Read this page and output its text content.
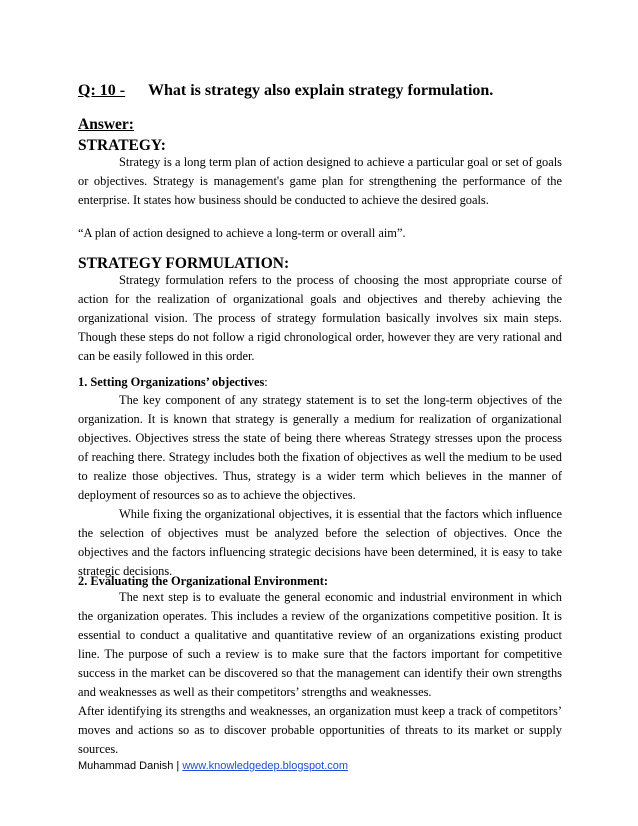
Q: 10 - What is strategy also explain strategy formulation.
Answer:
STRATEGY:

Strategy is a long term plan of action designed to achieve a particular goal or set of goals or objectives. Strategy is management's game plan for strengthening the performance of the enterprise. It states how business should be conducted to achieve the desired goals.

“A plan of action designed to achieve a long-term or overall aim”.

STRATEGY FORMULATION:

Strategy formulation refers to the process of choosing the most appropriate course of action for the realization of organizational goals and objectives and thereby achieving the organizational vision. The process of strategy formulation basically involves six main steps. Though these steps do not follow a rigid chronological order, however they are very rational and can be easily followed in this order.

1. Setting Organizations’ objectives:

The key component of any strategy statement is to set the long-term objectives of the organization. It is known that strategy is generally a medium for realization of organizational objectives. Objectives stress the state of being there whereas Strategy stresses upon the process of reaching there. Strategy includes both the fixation of objectives as well the medium to be used to realize those objectives. Thus, strategy is a wider term which believes in the manner of deployment of resources so as to achieve the objectives.

While fixing the organizational objectives, it is essential that the factors which influence the selection of objectives must be analyzed before the selection of objectives. Once the objectives and the factors influencing strategic decisions have been determined, it is easy to take strategic decisions.

2. Evaluating the Organizational Environment:

The next step is to evaluate the general economic and industrial environment in which the organization operates. This includes a review of the organizations competitive position. It is essential to conduct a qualitative and quantitative review of an organizations existing product line. The purpose of such a review is to make sure that the factors important for competitive success in the market can be discovered so that the management can identify their own strengths and weaknesses as well as their competitors’ strengths and weaknesses.

After identifying its strengths and weaknesses, an organization must keep a track of competitors’ moves and actions so as to discover probable opportunities of threats to its market or supply sources.

Muhammad Danish | www.knowledgedep.blogspot.com
